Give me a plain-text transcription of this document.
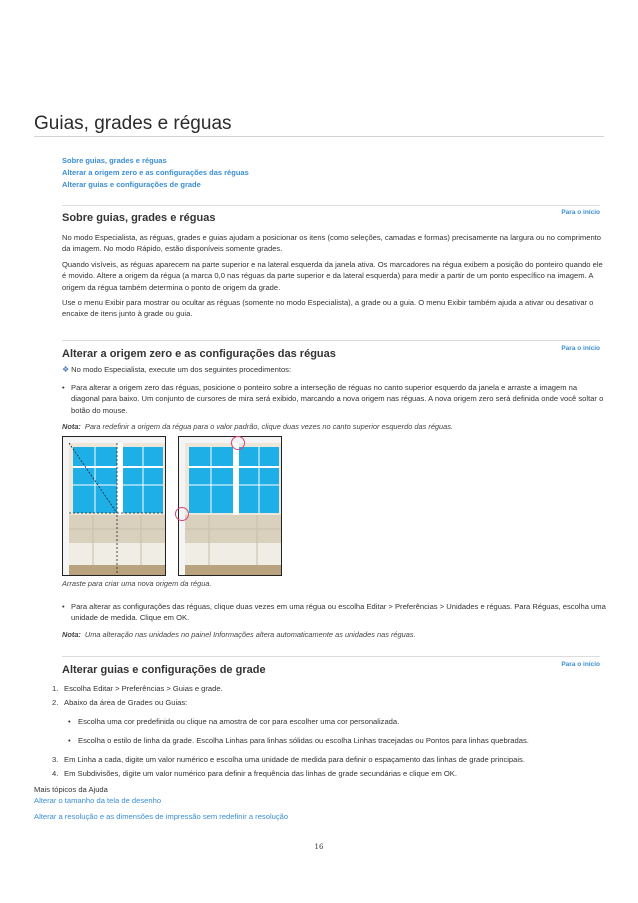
Guias, grades e réguas
Sobre guias, grades e réguas
Alterar a origem zero e as configurações das réguas
Alterar guias e configurações de grade
Para o início
Sobre guias, grades e réguas

No modo Especialista, as réguas, grades e guias ajudam a posicionar os itens (como seleções, camadas e formas) precisamente na largura ou no comprimento da imagem. No modo Rápido, estão disponíveis somente grades.

Quando visíveis, as réguas aparecem na parte superior e na lateral esquerda da janela ativa. Os marcadores na régua exibem a posição do ponteiro quando ele é movido. Altere a origem da régua (a marca 0,0 nas réguas da parte superior e da lateral esquerda) para medir a partir de um ponto específico na imagem. A origem da régua também determina o ponto de origem da grade.

Use o menu Exibir para mostrar ou ocultar as réguas (somente no modo Especialista), a grade ou a guia. O menu Exibir também ajuda a ativar ou desativar o encaixe de itens junto à grade ou guia.

Para o início
Alterar a origem zero e as configurações das réguas
❖ No modo Especialista, execute um dos seguintes procedimentos:
• Para alterar a origem zero das réguas, posicione o ponteiro sobre a interseção de réguas no canto superior esquerdo da janela e arraste a imagem na diagonal para baixo. Um conjunto de cursores de mira será exibido, marcando a nova origem nas réguas. A nova origem zero será definida onde você soltar o botão do mouse.
Nota: Para redefinir a origem da régua para o valor padrão, clique duas vezes no canto superior esquerdo das réguas.
Arraste para criar uma nova origem da régua.
• Para alterar as configurações das réguas, clique duas vezes em uma régua ou escolha Editar > Preferências > Unidades e réguas. Para Réguas, escolha uma unidade de medida. Clique em OK.
Nota: Uma alteração nas unidades no painel Informações altera automaticamente as unidades nas réguas.
Para o início
Alterar guias e configurações de grade
1. Escolha Editar > Preferências > Guias e grade.
2. Abaixo da área de Grades ou Guias:
• Escolha uma cor predefinida ou clique na amostra de cor para escolher uma cor personalizada.
• Escolha o estilo de linha da grade. Escolha Linhas para linhas sólidas ou escolha Linhas tracejadas ou Pontos para linhas quebradas.
3. Em Linha a cada, digite um valor numérico e escolha uma unidade de medida para definir o espaçamento das linhas de grade principais.
4. Em Subdivisões, digite um valor numérico para definir a frequência das linhas de grade secundárias e clique em OK.
Mais tópicos da Ajuda
Alterar o tamanho da tela de desenho
Alterar a resolução e as dimensões de impressão sem redefinir a resolução
16
